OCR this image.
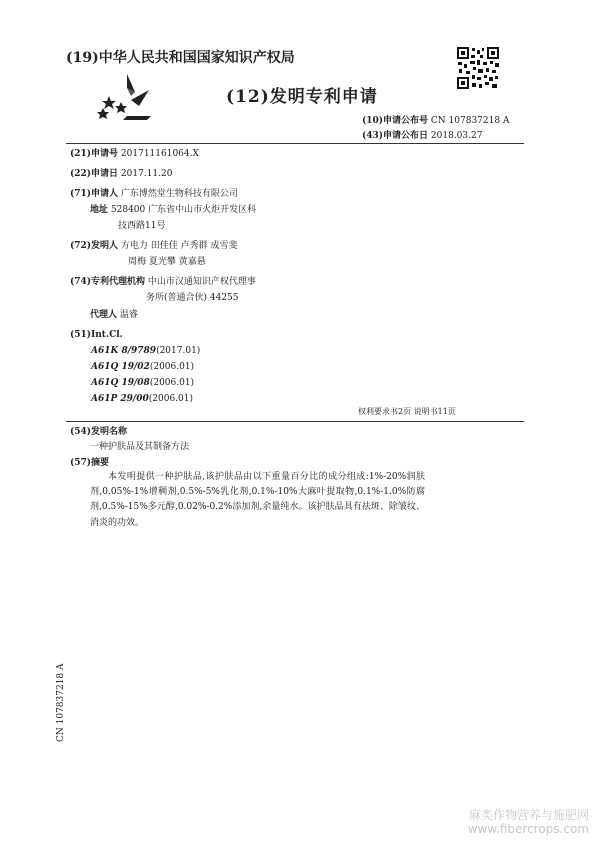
(19)中华人民共和国国家知识产权局
(12)发明专利申请
(10)申请公布号 CN 107837218 A
(43)申请公布日 2018.03.27
(21)申请号 201711161064.X
(22)申请日 2017.11.20
(71)申请人 广东博然堂生物科技有限公司
地址 528400 广东省中山市火炬开发区科
技西路11号
(72)发明人 方电力 田佳佳 卢秀群 成雪斐
周梅 夏光攀 黄嘉悬
(74)专利代理机构 中山市汉通知识产权代理事
务所(普通合伙) 44255
代理人 温睿
(51)Int.Cl.
A61K 8/9789(2017.01)
A61Q 19/02(2006.01)
A61Q 19/08(2006.01)
A61P 29/00(2006.01)
权利要求书2页 说明书11页
(54)发明名称
一种护肤品及其制备方法
(57)摘要
本发明提供一种护肤品,该护肤品由以下重量百分比的成分组成:1%-20%润肤剂,0.05%-1%增稠剂,0.5%-5%乳化剂,0.1%-10%大麻叶提取物,0.1%-1.0%防腐剂,0.5%-15%多元醇,0.02%-0.2%添加剂,余量纯水。该护肤品具有祛斑、除皱纹、消炎的功效。
CN 107837218 A
麻类作物营养与施肥网
www.fibercrops.com
